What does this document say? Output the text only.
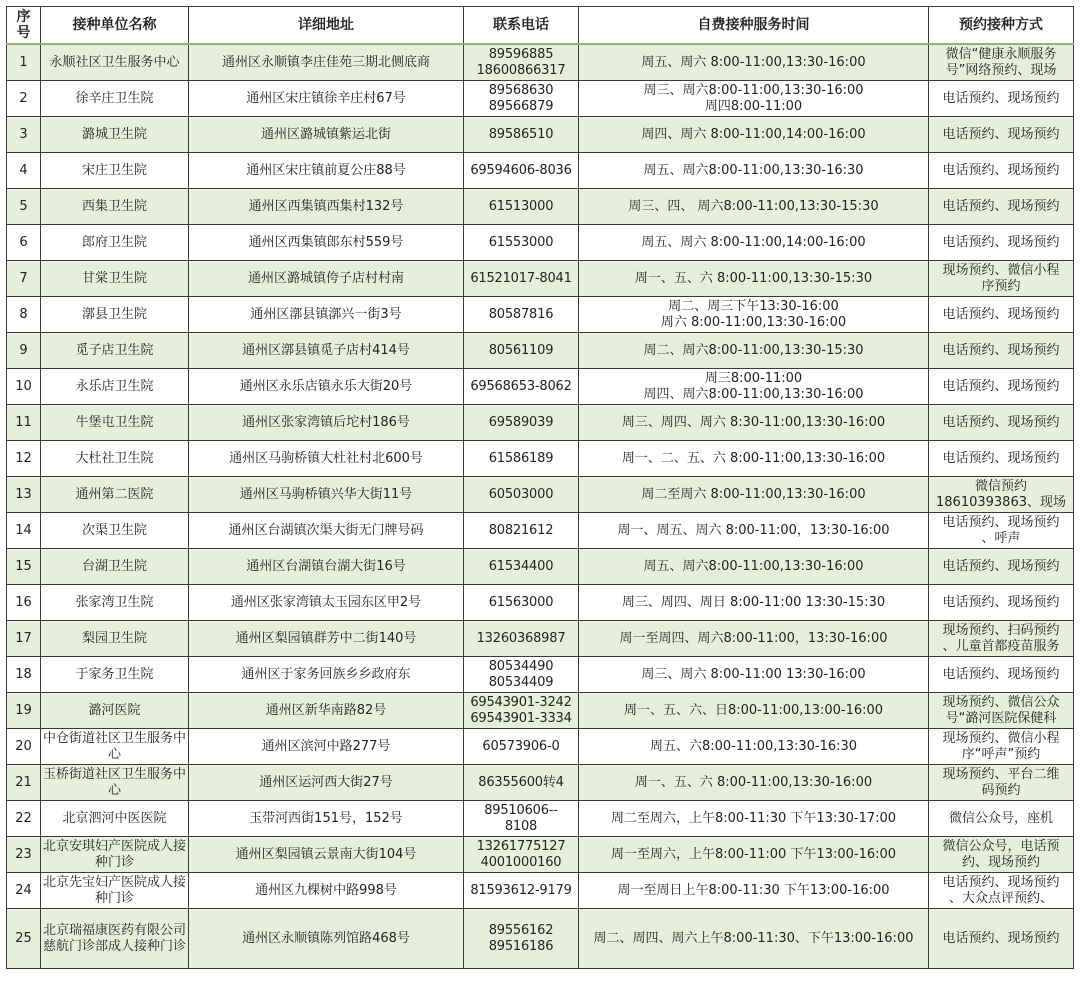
序号	接种单位名称	详细地址	联系电话	自费接种服务时间	预约接种方式
1	永顺社区卫生服务中心	通州区永顺镇李庄佳苑三期北侧底商	89596885
18600866317	周五、周六 8:00-11:00,13:30-16:00	微信“健康永顺服务
号”网络预约、现场

2	徐辛庄卫生院	通州区宋庄镇徐辛庄村67号	89568630
89566879	周三、周六8:00-11:00,13:30-16:00
周四8:00-11:00	电话预约、现场预约

3	潞城卫生院	通州区潞城镇紫运北街	89586510	周四、周六 8:00-11:00,14:00-16:00	电话预约、现场预约

4	宋庄卫生院	通州区宋庄镇前夏公庄88号	69594606-8036	周五、周六8:00-11:00,13:30-16:30	电话预约、现场预约

5	西集卫生院	通州区西集镇西集村132号	61513000	周三、四、 周六8:00-11:00,13:30-15:30	电话预约、现场预约

6	郎府卫生院	通州区西集镇郎东村559号	61553000	周五、周六 8:00-11:00,14:00-16:00	电话预约、现场预约

7	甘棠卫生院	通州区潞城镇侉子店村村南	61521017-8041	周一、五、六 8:00-11:00,13:30-15:30	现场预约、微信小程
序预约

8	漷县卫生院	通州区漷县镇漷兴一街3号	80587816	周二、周三下午13:30-16:00
周六 8:00-11:00,13:30-16:00	电话预约、现场预约

9	觅子店卫生院	通州区漷县镇觅子店村414号	80561109	周二、周六8:00-11:00,13:30-15:30	电话预约、现场预约

10	永乐店卫生院	通州区永乐店镇永乐大街20号	69568653-8062	周三8:00-11:00
周四、周六8:00-11:00,13:30-16:00	电话预约、现场预约

11	牛堡屯卫生院	通州区张家湾镇后坨村186号	69589039	周三、周四、周六 8:30-11:00,13:30-16:00	电话预约、现场预约

12	大杜社卫生院	通州区马驹桥镇大杜社村北600号	61586189	周一、二、五、六 8:00-11:00,13:30-16:00	电话预约、现场预约

13	通州第二医院	通州区马驹桥镇兴华大街11号	60503000	周二至周六 8:00-11:00,13:30-16:00	微信预约
18610393863、现场

14	次渠卫生院	通州区台湖镇次渠大街无门牌号码	80821612	周一、周五、周六 8:00-11:00，13:30-16:00	电话预约、现场预约
、呼声

15	台湖卫生院	通州区台湖镇台湖大街16号	61534400	周五、周六8:00-11:00,13:30-16:00	电话预约、现场预约

16	张家湾卫生院	通州区张家湾镇太玉园东区甲2号	61563000	周三、周四、周日 8:00-11:00 13:30-15:30	电话预约、现场预约

17	梨园卫生院	通州区梨园镇群芳中二街140号	13260368987	周一至周四、周六8:00-11:00，13:30-16:00	现场预约、扫码预约
、儿童首都疫苗服务

18	于家务卫生院	通州区于家务回族乡乡政府东	80534490
80534409	周三、周六 8:00-11:00 13:30-16:00	电话预约、现场预约

19	潞河医院	通州区新华南路82号	69543901-3242
69543901-3334	周一、五、六、日8:00-11:00,13:00-16:00	现场预约、微信公众
号“潞河医院保健科

20	中仓街道社区卫生服务中心	通州区滨河中路277号	60573906-0	周五、六8:00-11:00,13:30-16:30	现场预约、微信小程
序“呼声”预约

21	玉桥街道社区卫生服务中心	通州区运河西大街27号	86355600转4	周一、五、六 8:00-11:00,13:30-16:00	现场预约、平台二维
码预约

22	北京泗河中医医院	玉带河西街151号，152号	89510606--
8108	周二至周六，上午8:00-11:30 下午13:30-17:00	微信公众号，座机

23	北京安琪妇产医院成人接种门诊	通州区梨园镇云景南大街104号	13261775127
4001000160	周一至周六，上午8:00-11:00 下午13:00-16:00	微信公众号，电话预
约、现场预约

24	北京先宝妇产医院成人接种门诊	通州区九棵树中路998号	81593612-9179	周一至周日上午8:00-11:30 下午13:00-16:00	电话预约、现场预约
、大众点评预约、

25	北京瑞福康医药有限公司慈航门诊部成人接种门诊	通州区永顺镇陈列馆路468号	89556162
89516186	周二、周四、周六上午8:00-11:30、下午13:00-16:00	电话预约、现场预约
